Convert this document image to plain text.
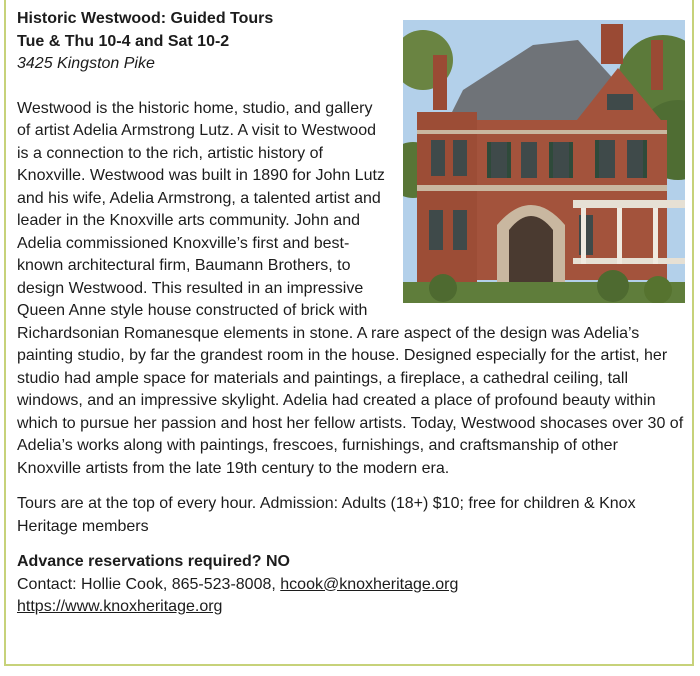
Historic Westwood: Guided Tours

Tue & Thu 10-4 and Sat 10-2

3425 Kingston Pike

Westwood is the historic home, studio, and gallery of artist Adelia Armstrong Lutz. A visit to Westwood is a connection to the rich, artistic history of Knoxville. Westwood was built in 1890 for John Lutz and his wife, Adelia Armstrong, a talented artist and leader in the Knoxville arts community. John and Adelia commissioned Knoxville’s first and best-known architectural firm, Baumann Brothers, to design Westwood. This resulted in an impressive Queen Anne style house constructed of brick with Richardsonian Romanesque elements in stone. A rare aspect of the design was Adelia’s painting studio, by far the grandest room in the house. Designed especially for the artist, her studio had ample space for materials and paintings, a fireplace, a cathedral ceiling, tall windows, and an impressive skylight. Adelia had created a place of profound beauty within which to pursue her passion and host her fellow artists. Today, Westwood shocases over 30 of Adelia’s works along with paintings, frescoes, furnishings, and craftsmanship of other Knoxville artists from the late 19th century to the modern era.

Tours are at the top of every hour. Admission: Adults (18+) $10; free for children & Knox Heritage members

Advance reservations required? NO

Contact: Hollie Cook, 865-523-8008, hcook@knoxheritage.org

https://www.knoxheritage.org
